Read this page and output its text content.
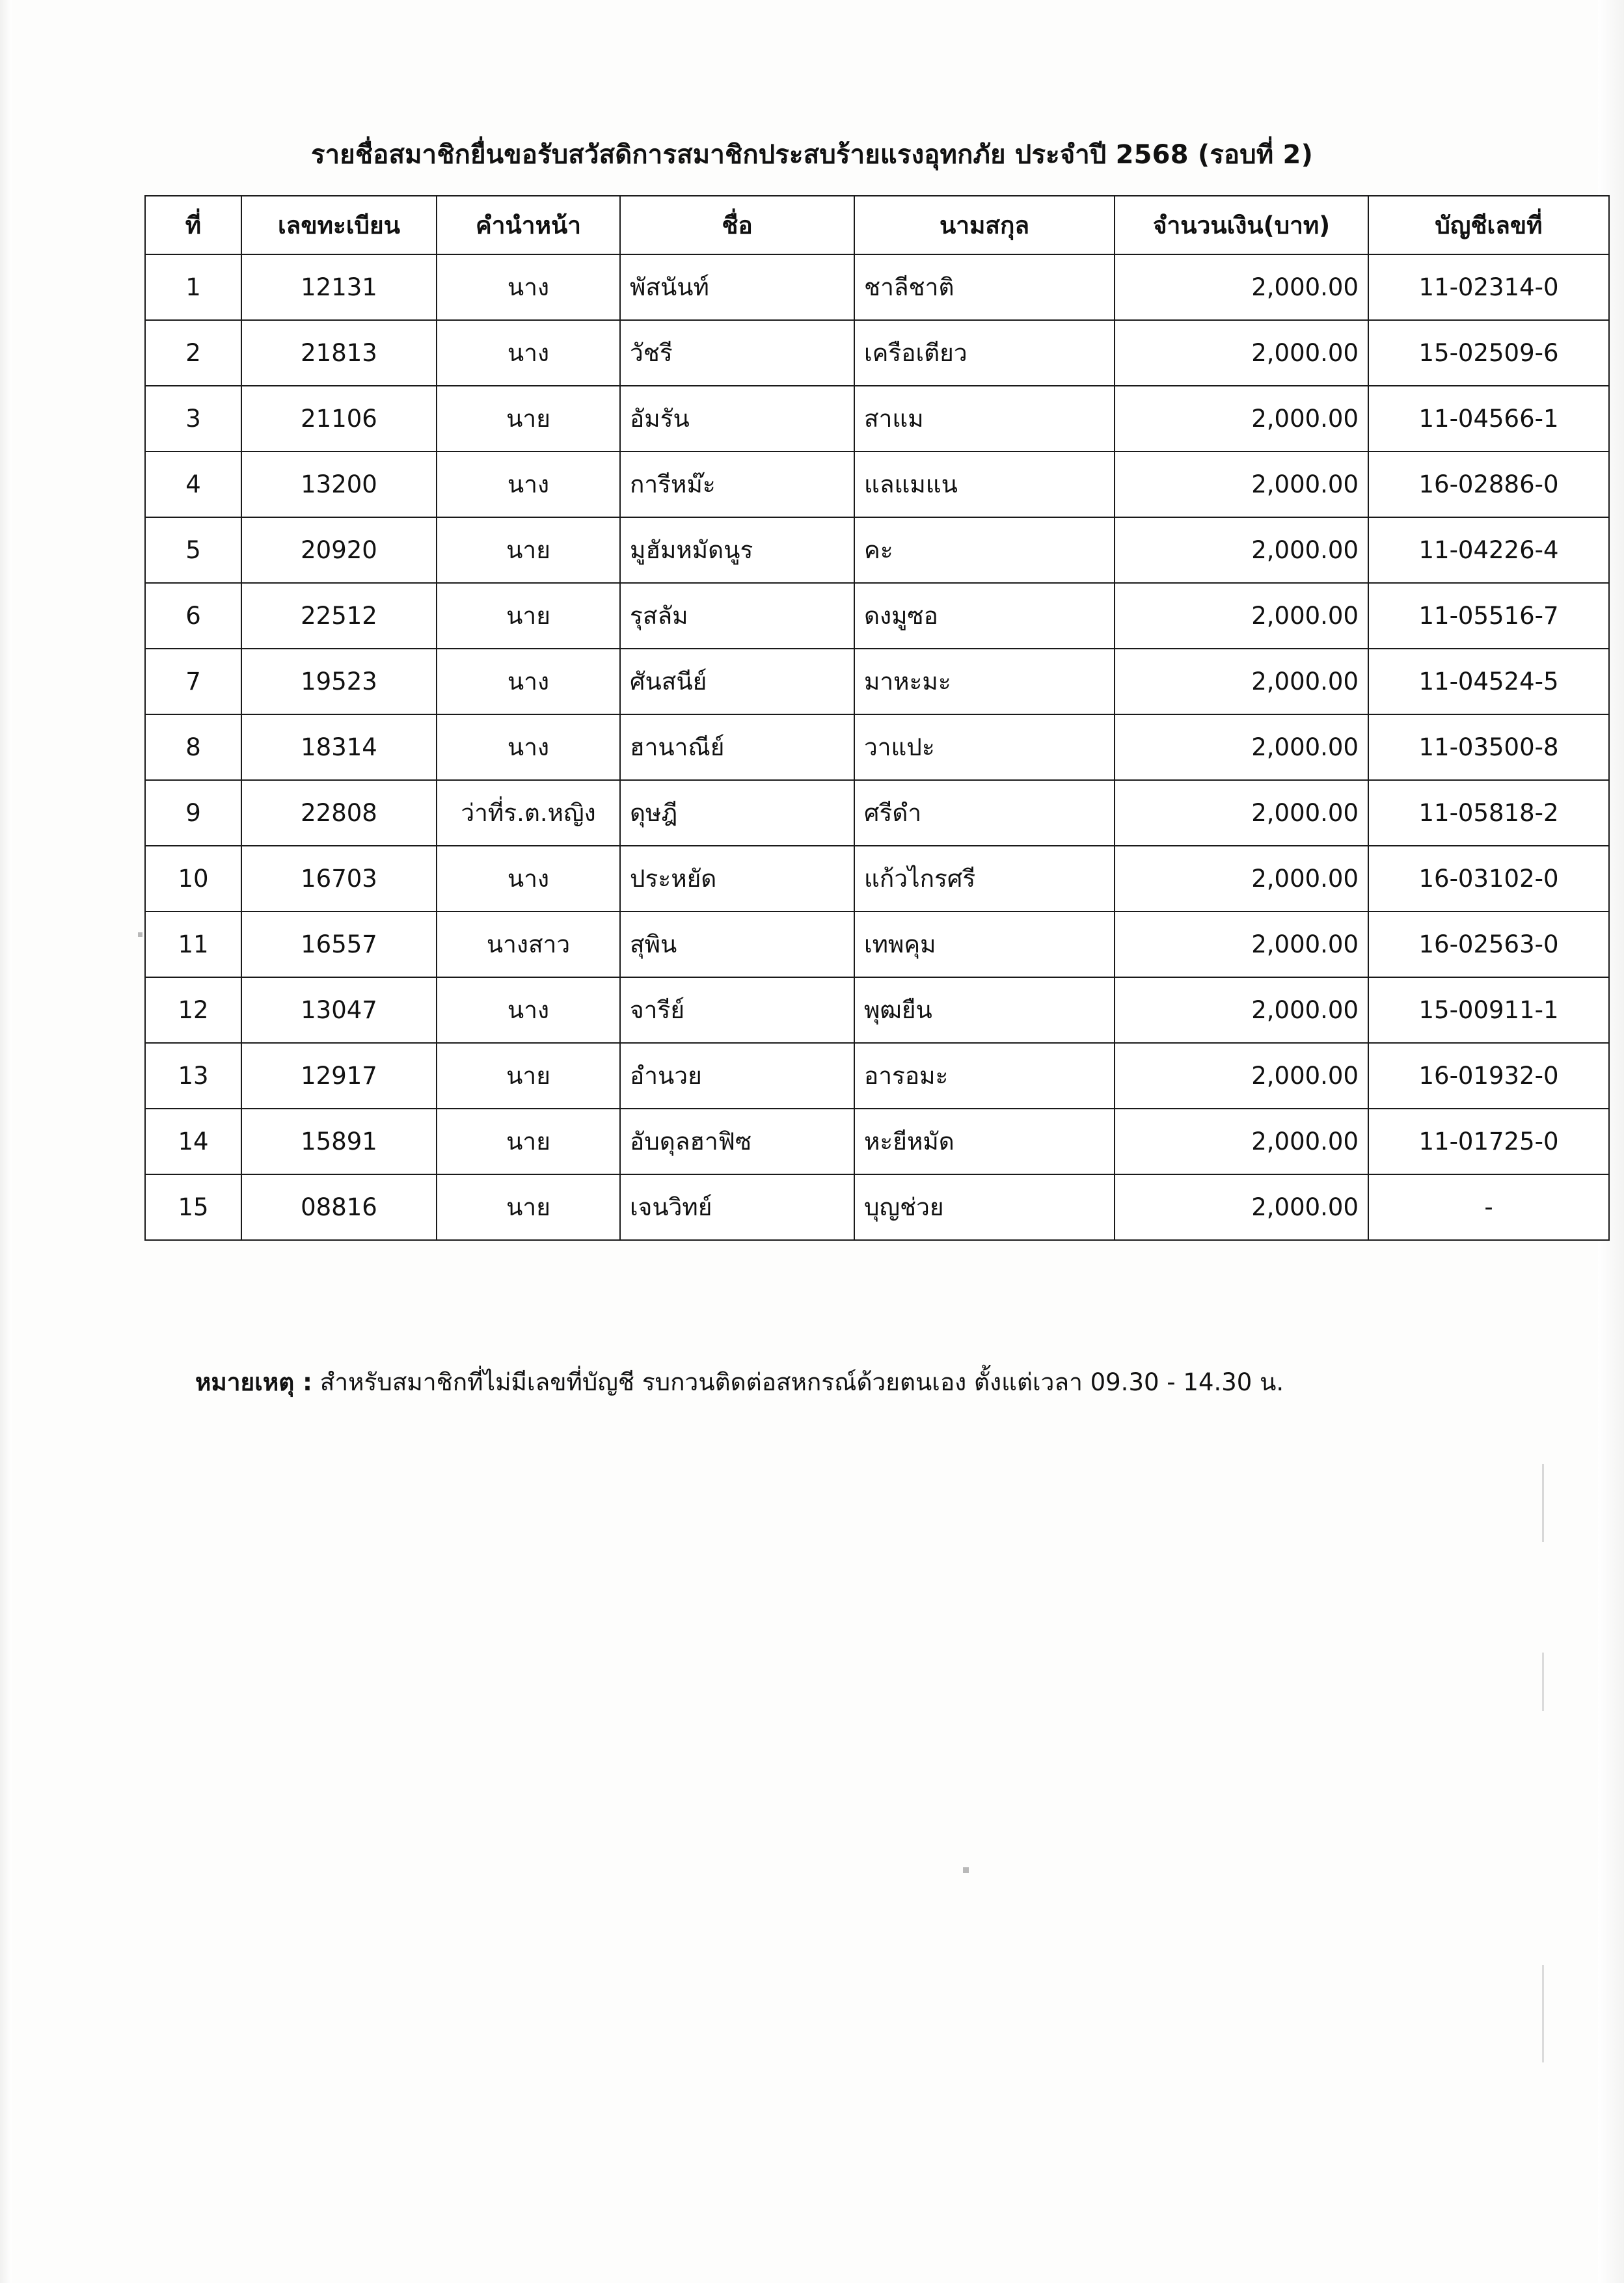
รายชื่อสมาชิกยื่นขอรับสวัสดิการสมาชิกประสบร้ายแรงอุทกภัย ประจำปี 2568 (รอบที่ 2)
ที่	เลขทะเบียน	คำนำหน้า	ชื่อ	นามสกุล	จำนวนเงิน(บาท)	บัญชีเลขที่
1	12131	นาง	พัสนันท์	ชาลีชาติ	2,000.00	11-02314-0
2	21813	นาง	วัชรี	เครือเตียว	2,000.00	15-02509-6
3	21106	นาย	อัมรัน	สาแม	2,000.00	11-04566-1
4	13200	นาง	การีหม๊ะ	แลแมแน	2,000.00	16-02886-0
5	20920	นาย	มูฮัมหมัดนูร	คะ	2,000.00	11-04226-4
6	22512	นาย	รุสลัม	ดงมูซอ	2,000.00	11-05516-7
7	19523	นาง	ศันสนีย์	มาหะมะ	2,000.00	11-04524-5
8	18314	นาง	ฮานาณีย์	วาแปะ	2,000.00	11-03500-8
9	22808	ว่าที่ร.ต.หญิง	ดุษฎี	ศรีดำ	2,000.00	11-05818-2
10	16703	นาง	ประหยัด	แก้วไกรศรี	2,000.00	16-03102-0
11	16557	นางสาว	สุพิน	เทพคุม	2,000.00	16-02563-0
12	13047	นาง	จารีย์	พุฒยืน	2,000.00	15-00911-1
13	12917	นาย	อำนวย	อารอมะ	2,000.00	16-01932-0
14	15891	นาย	อับดุลฮาฟิซ	หะยีหมัด	2,000.00	11-01725-0
15	08816	นาย	เจนวิทย์	บุญช่วย	2,000.00	-
หมายเหตุ : สำหรับสมาชิกที่ไม่มีเลขที่บัญชี รบกวนติดต่อสหกรณ์ด้วยตนเอง ตั้งแต่เวลา 09.30 - 14.30 น.
